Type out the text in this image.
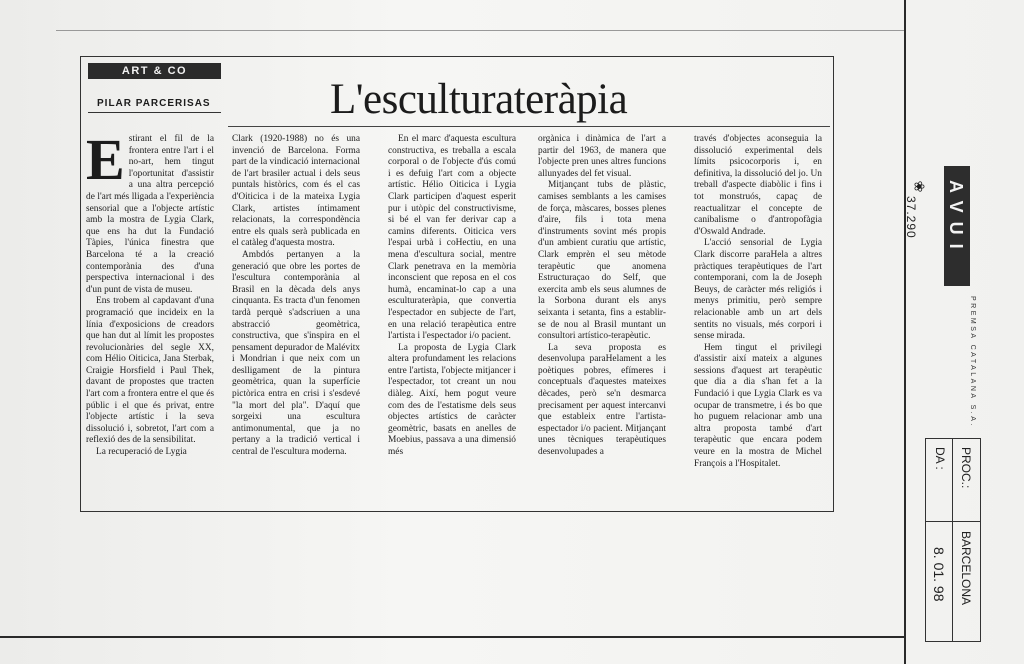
ART & CO
PILAR PARCERISAS	L'esculturateràpia
E stirant el fil de la frontera entre l'art i el no-art, hem tingut l'oportunitat d'assistir a una altra percepció de l'art més lligada a l'experiència sensorial que a l'objecte artístic amb la mostra de Lygia Clark, que ens ha dut la Fundació Tàpies, l'única finestra que Barcelona té a la creació contemporània des d'una perspectiva internacional i des d'un punt de vista de museu.

Ens trobem al capdavant d'una programació que incideix en la línia d'exposicions de creadors que han dut al límit les propostes revolucionàries del segle XX, com Hélio Oiticica, Jana Sterbak, Craigie Horsfield i Paul Thek, davant de propostes que tracten l'art com a frontera entre el que és públic i el que és privat, entre l'objecte artístic i la seva dissolució i, sobretot, l'art com a reflexió des de la sensibilitat.

La recuperació de Lygia

Clark (1920-1988) no és una invenció de Barcelona. Forma part de la vindicació internacional de l'art brasiler actual i dels seus puntals històrics, com és el cas d'Oiticica i de la mateixa Lygia Clark, artistes íntimament relacionats, la correspondència entre els quals serà publicada en el catàleg d'aquesta mostra.

Ambdós pertanyen a la generació que obre les portes de l'escultura contemporània al Brasil en la dècada dels anys cinquanta. Es tracta d'un fenomen tardà perquè s'adscriuen a una abstracció geomètrica, constructiva, que s'inspira en el pensament depurador de Malévitx i Mondrian i que neix com un deslligament de la pintura geomètrica, quan la superfície pictòrica entra en crisi i s'esdevé "la mort del pla". D'aquí que sorgeixi una escultura antimonumental, que ja no pertany a la tradició vertical i central de l'escultura moderna.

En el marc d'aquesta escultura constructiva, es treballa a escala corporal o de l'objecte d'ús comú i es defuig l'art com a objecte artístic. Hélio Oiticica i Lygia Clark participen d'aquest esperit pur i utòpic del constructivisme, si bé el van fer derivar cap a camins diferents. Oiticica vers l'espai urbà i coHectiu, en una mena d'escultura social, mentre Clark penetrava en la memòria inconscient que reposa en el cos humà, encaminat-lo cap a una esculturateràpia, que convertia l'espectador en subjecte de l'art, en una relació terapèutica entre l'artista i l'espectador i/o pacient.

La proposta de Lygia Clark altera profundament les relacions entre l'artista, l'objecte mitjancer i l'espectador, tot creant un nou diàleg. Així, hem pogut veure com des de l'estatisme dels seus objectes artístics de caràcter geomètric, basats en anelles de Moebius, passava a una dimensió més

orgànica i dinàmica de l'art a partir del 1963, de manera que l'objecte pren unes altres funcions allunyades del fet visual.

Mitjançant tubs de plàstic, camises semblants a les camises de força, màscares, bosses plenes d'aire, fils i tota mena d'instruments sovint més propis d'un ambient curatiu que artístic, Clark emprèn el seu mètode terapèutic que anomena Estructuraçao do Self, que exercita amb els seus alumnes de la Sorbona durant els anys seixanta i setanta, fins a establir-se de nou al Brasil muntant un consultori artístico-terapèutic.

La seva proposta es desenvolupa paraHelament a les poètiques pobres, efímeres i conceptuals d'aquestes mateixes dècades, però se'n desmarca precisament per aquest intercanvi que estableix entre l'artista-espectador i/o pacient. Mitjançant unes tècniques terapèutiques desenvolupades a

través d'objectes aconseguia la dissolució experimental dels límits psicocorporis i, en definitiva, la dissolució del jo. Un treball d'aspecte diabòlic i fins i tot monstruós, capaç de reactualitzar el concepte de canibalisme o d'antropofàgia d'Oswald Andrade.

L'acció sensorial de Lygia Clark discorre paraHela a altres pràctiques terapèutiques de l'art contemporani, com la de Joseph Beuys, de caràcter més religiós i menys primitiu, però sempre relacionable amb un art dels sentits no visuals, més corpori i sense mirada.

Hem tingut el privilegi d'assistir així mateix a algunes sessions d'aquest art terapèutic que dia a dia s'han fet a la Fundació i que Lygia Clark es va ocupar de transmetre, i és bo que ho puguem relacionar amb una altra proposta també d'art terapèutic que encara podem veure en la mostra de Michel François a l'Hospitalet.

AVUI
PREMSA CATALANA S.A.
❀
37.290
PROC.:
DA :
BARCELONA
8. 01. 98
